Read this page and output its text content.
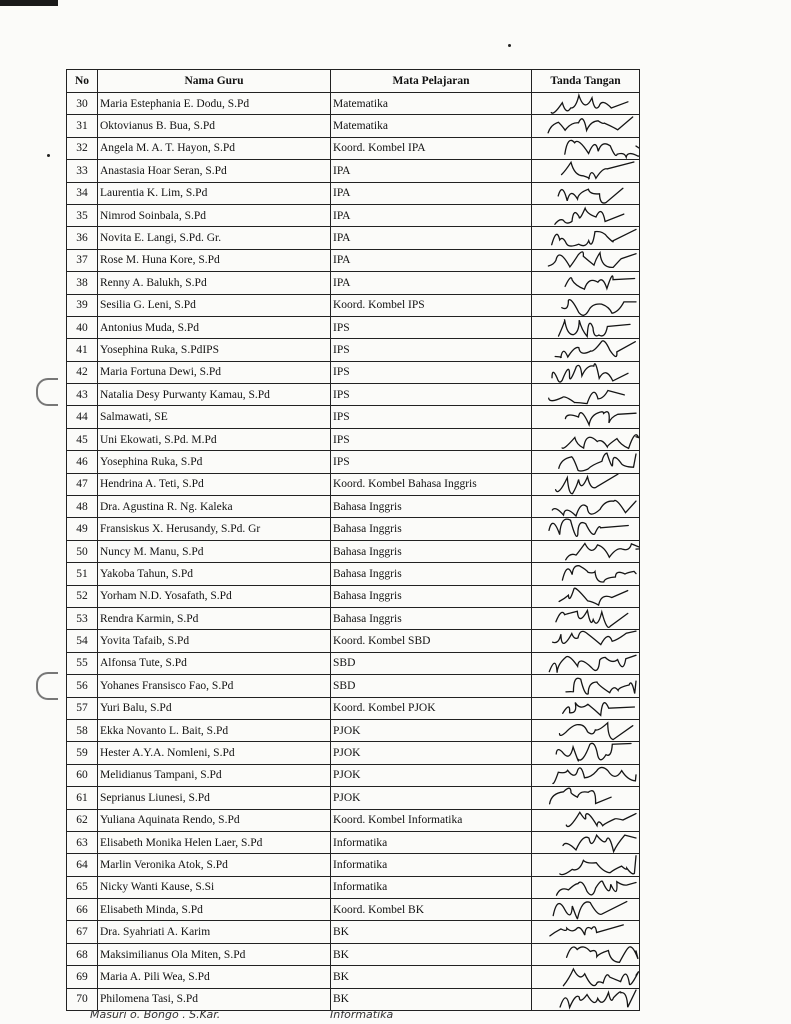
No	Nama Guru	Mata Pelajaran	Tanda Tangan
30	Maria Estephania E. Dodu, S.Pd	Matematika	

31	Oktovianus B. Bua, S.Pd	Matematika	

32	Angela M. A. T. Hayon, S.Pd	Koord. Kombel IPA	

33	Anastasia Hoar Seran, S.Pd	IPA	

34	Laurentia K. Lim, S.Pd	IPA	

35	Nimrod Soinbala, S.Pd	IPA	

36	Novita E. Langi, S.Pd. Gr.	IPA	

37	Rose M. Huna Kore, S.Pd	IPA	

38	Renny A. Balukh, S.Pd	IPA	

39	Sesilia G. Leni, S.Pd	Koord. Kombel IPS	

40	Antonius Muda, S.Pd	IPS	

41	Yosephina Ruka, S.PdIPS	IPS	

42	Maria Fortuna Dewi, S.Pd	IPS	

43	Natalia Desy Purwanty Kamau, S.Pd	IPS	

44	Salmawati, SE	IPS	

45	Uni Ekowati, S.Pd. M.Pd	IPS	

46	Yosephina Ruka, S.Pd	IPS	

47	Hendrina A. Teti, S.Pd	Koord. Kombel Bahasa Inggris	

48	Dra. Agustina R. Ng. Kaleka	Bahasa Inggris	

49	Fransiskus X. Herusandy, S.Pd. Gr	Bahasa Inggris	

50	Nuncy M. Manu, S.Pd	Bahasa Inggris	

51	Yakoba Tahun, S.Pd	Bahasa Inggris	

52	Yorham N.D. Yosafath, S.Pd	Bahasa Inggris	

53	Rendra Karmin, S.Pd	Bahasa Inggris	

54	Yovita Tafaib, S.Pd	Koord. Kombel SBD	

55	Alfonsa Tute, S.Pd	SBD	

56	Yohanes Fransisco Fao, S.Pd	SBD	

57	Yuri Balu, S.Pd	Koord. Kombel PJOK	

58	Ekka Novanto L. Bait, S.Pd	PJOK	

59	Hester A.Y.A. Nomleni, S.Pd	PJOK	

60	Melidianus Tampani, S.Pd	PJOK	

61	Seprianus Liunesi, S.Pd	PJOK	

62	Yuliana Aquinata Rendo, S.Pd	Koord. Kombel Informatika	

63	Elisabeth Monika Helen Laer, S.Pd	Informatika	

64	Marlin Veronika Atok, S.Pd	Informatika	

65	Nicky Wanti Kause, S.Si	Informatika	

66	Elisabeth Minda, S.Pd	Koord. Kombel BK	

67	Dra. Syahriati A. Karim	BK	

68	Maksimilianus Ola Miten, S.Pd	BK	

69	Maria A. Pili Wea, S.Pd	BK	

70	Philomena Tasi, S.Pd	BK	
Masuri o. Bongo . S.Kar.	Informatika
